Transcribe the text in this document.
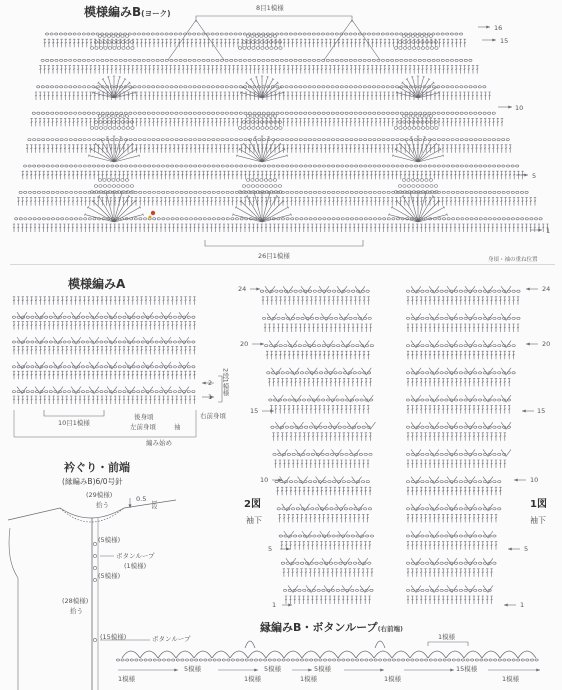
模様編みB(ヨーク)
8目1模様
16
15
10
5
1
26目1模様	身頃・袖の重ね位置
模様編みA
2
1
2段1模様
10目1模様
後身頃
左前身頃	袖
右前身頃
編み始め
24
20
15
10
5
1
24
20
15
10
5
1
2図
袖下
1図
袖下
衿ぐり・前端
(縁編みB)6/0号針
(29模様)
拾う
0.5
1段
(5模様)
ボタンループ
(1模様)
(5模様)
(28模様)
拾う
(15模様)	ボタンループ
縁編みB・ボタンループ(右前端)
1模様
5模様	5模様	5模様	15模様
1模様	1模様	1模様	1模様	1模様
